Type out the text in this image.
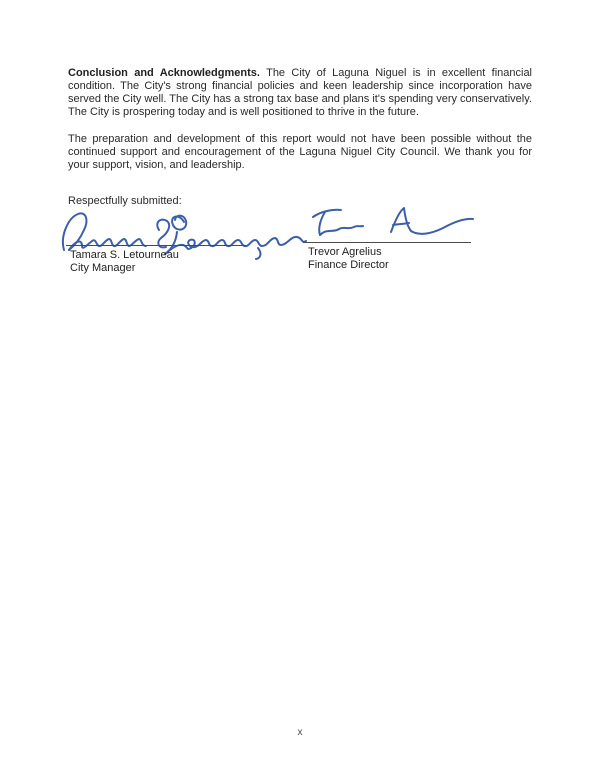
Conclusion and Acknowledgments. The City of Laguna Niguel is in excellent financial condition. The City's strong financial policies and keen leadership since incorporation have served the City well. The City has a strong tax base and plans it's spending very conservatively. The City is prospering today and is well positioned to thrive in the future.

The preparation and development of this report would not have been possible without the continued support and encouragement of the Laguna Niguel City Council. We thank you for your support, vision, and leadership.

Respectfully submitted:

Tamara S. Letourneau
City Manager
Trevor Agrelius
Finance Director
x
